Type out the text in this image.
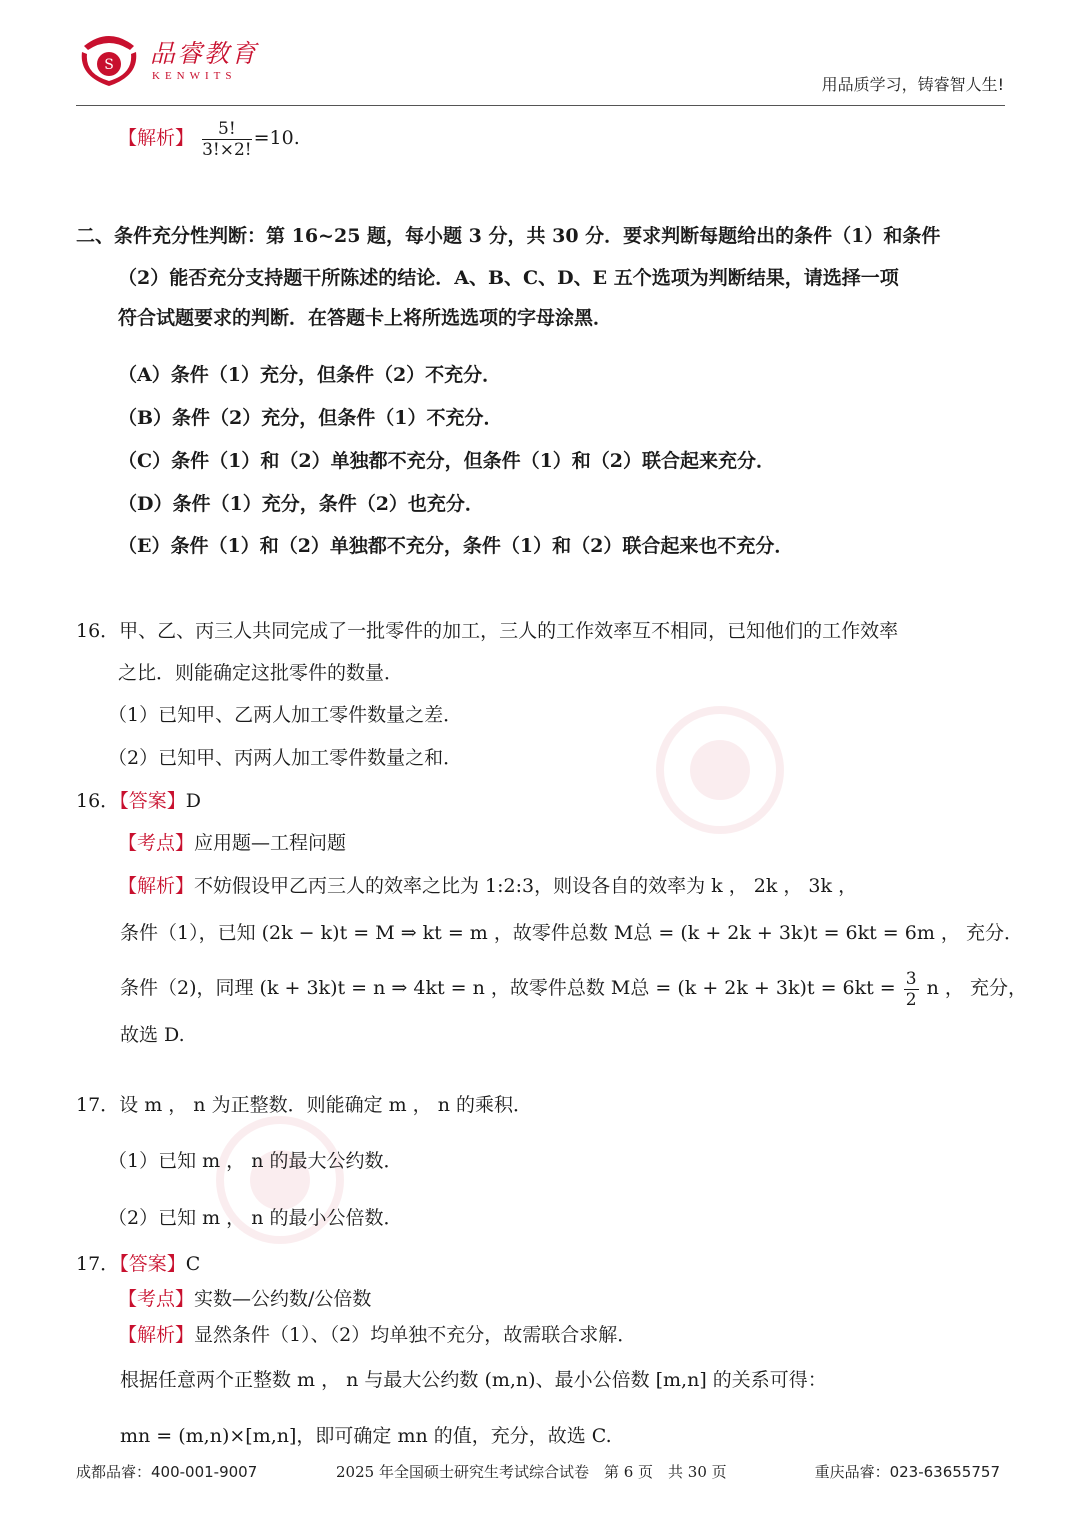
S 品睿教育
KENWITS	用品质学习，铸睿智人生!
【解析】 $\frac{5!}{3!\times 2!} =10$.
二、条件充分性判断：第 16~25 题，每小题 3 分，共 30 分．要求判断每题给出的条件（1）和条件
（2）能否充分支持题干所陈述的结论．A、B、C、D、E 五个选项为判断结果，请选择一项
符合试题要求的判断．在答题卡上将所选选项的字母涂黑．
（A）条件（1）充分，但条件（2）不充分．
（B）条件（2）充分，但条件（1）不充分．
（C）条件（1）和（2）单独都不充分，但条件（1）和（2）联合起来充分．
（D）条件（1）充分，条件（2）也充分．
（E）条件（1）和（2）单独都不充分，条件（1）和（2）联合起来也不充分．
16．甲、乙、丙三人共同完成了一批零件的加工，三人的工作效率互不相同，已知他们的工作效率
之比．则能确定这批零件的数量．
（1）已知甲、乙两人加工零件数量之差．
（2）已知甲、丙两人加工零件数量之和．
16．【答案】D
【考点】应用题—工程问题
【解析】不妨假设甲乙丙三人的效率之比为 1:2:3，则设各自的效率为 k ， 2k ， 3k ，
条件（1），已知 (2k − k)t = M ⇒ kt = m ，故零件总数 M总 = (k + 2k + 3k)t = 6kt = 6m ， 充分．
条件（2)，同理 (k + 3k)t = n ⇒ 4kt = n ，故零件总数 M总 = $(k + 2k + 3k)t = 6kt = \frac{3}{2}$ n ， 充分，
故选 D.
17．设 m ， n 为正整数．则能确定 m ， n 的乘积．
（1）已知 m ， n 的最大公约数．
（2）已知 m ， n 的最小公倍数．
17．【答案】C
【考点】实数—公约数/公倍数
【解析】显然条件（1）、（2）均单独不充分，故需联合求解．
根据任意两个正整数 m ， n 与最大公约数 (m,n)、最小公倍数 [m,n] 的关系可得：
mn = (m,n)×[m,n]，即可确定 mn 的值，充分，故选 C.
成都品睿：400-001-9007	2025 年全国硕士研究生考试综合试卷　第 6 页　共 30 页	重庆品睿：023-63655757
